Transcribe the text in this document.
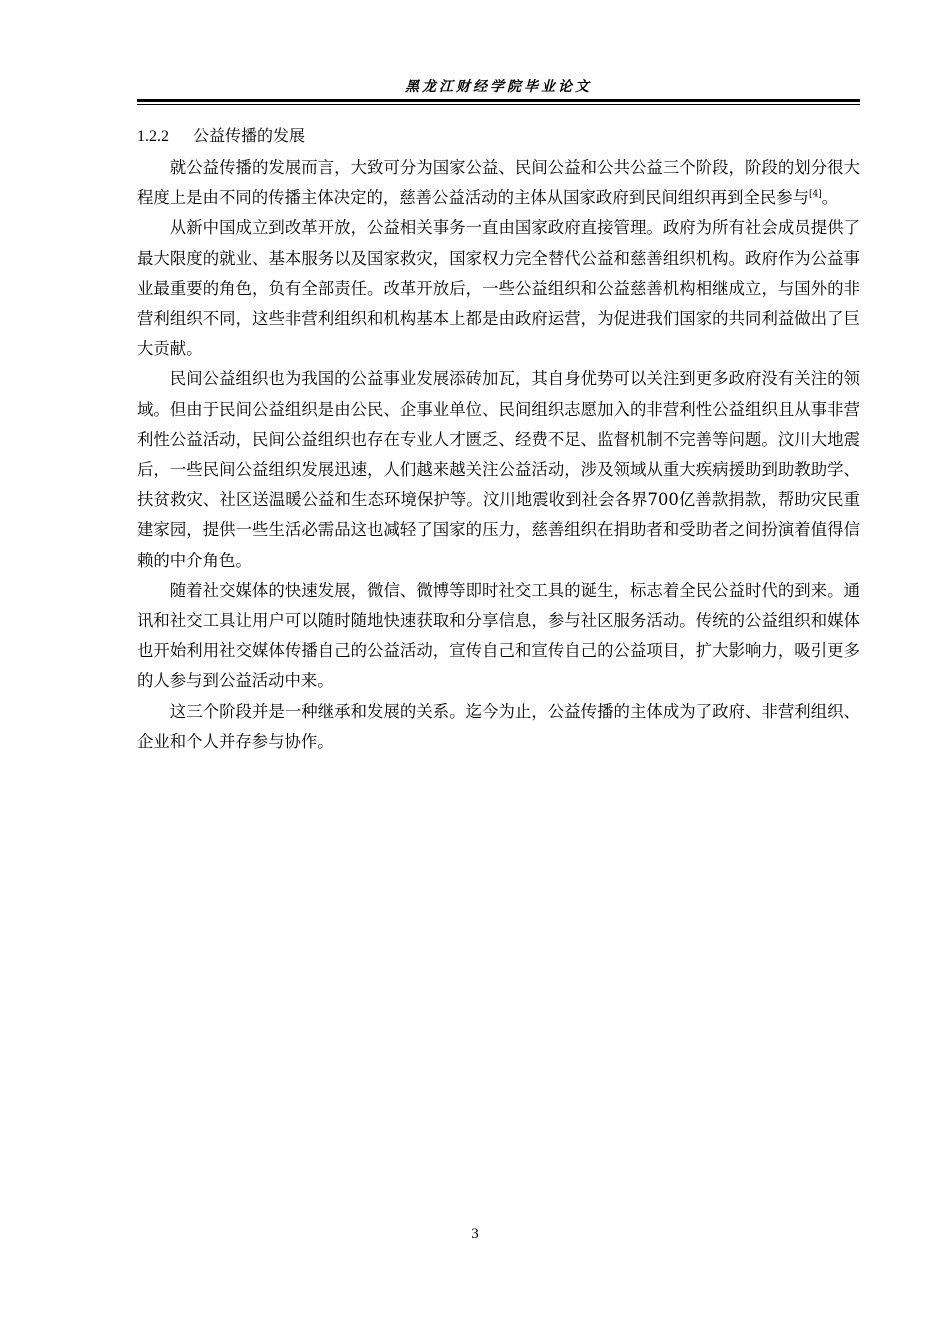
黑龙江财经学院毕业论文
1.2.2 公益传播的发展

就公益传播的发展而言，大致可分为国家公益、民间公益和公共公益三个阶段，阶段的划分很大程度上是由不同的传播主体决定的，慈善公益活动的主体从国家政府到民间组织再到全民参与[4]。

从新中国成立到改革开放，公益相关事务一直由国家政府直接管理。政府为所有社会成员提供了最大限度的就业、基本服务以及国家救灾，国家权力完全替代公益和慈善组织机构。政府作为公益事业最重要的角色，负有全部责任。改革开放后，一些公益组织和公益慈善机构相继成立，与国外的非营利组织不同，这些非营利组织和机构基本上都是由政府运营，为促进我们国家的共同利益做出了巨大贡献。

民间公益组织也为我国的公益事业发展添砖加瓦，其自身优势可以关注到更多政府没有关注的领域。但由于民间公益组织是由公民、企事业单位、民间组织志愿加入的非营利性公益组织且从事非营利性公益活动，民间公益组织也存在专业人才匮乏、经费不足、监督机制不完善等问题。汶川大地震后，一些民间公益组织发展迅速，人们越来越关注公益活动，涉及领域从重大疾病援助到助教助学、扶贫救灾、社区送温暖公益和生态环境保护等。汶川地震收到社会各界700亿善款捐款，帮助灾民重建家园，提供一些生活必需品这也减轻了国家的压力，慈善组织在捐助者和受助者之间扮演着值得信赖的中介角色。

随着社交媒体的快速发展，微信、微博等即时社交工具的诞生，标志着全民公益时代的到来。通讯和社交工具让用户可以随时随地快速获取和分享信息，参与社区服务活动。传统的公益组织和媒体也开始利用社交媒体传播自己的公益活动，宣传自己和宣传自己的公益项目，扩大影响力，吸引更多的人参与到公益活动中来。

这三个阶段并是一种继承和发展的关系。迄今为止，公益传播的主体成为了政府、非营利组织、企业和个人并存参与协作。

3
